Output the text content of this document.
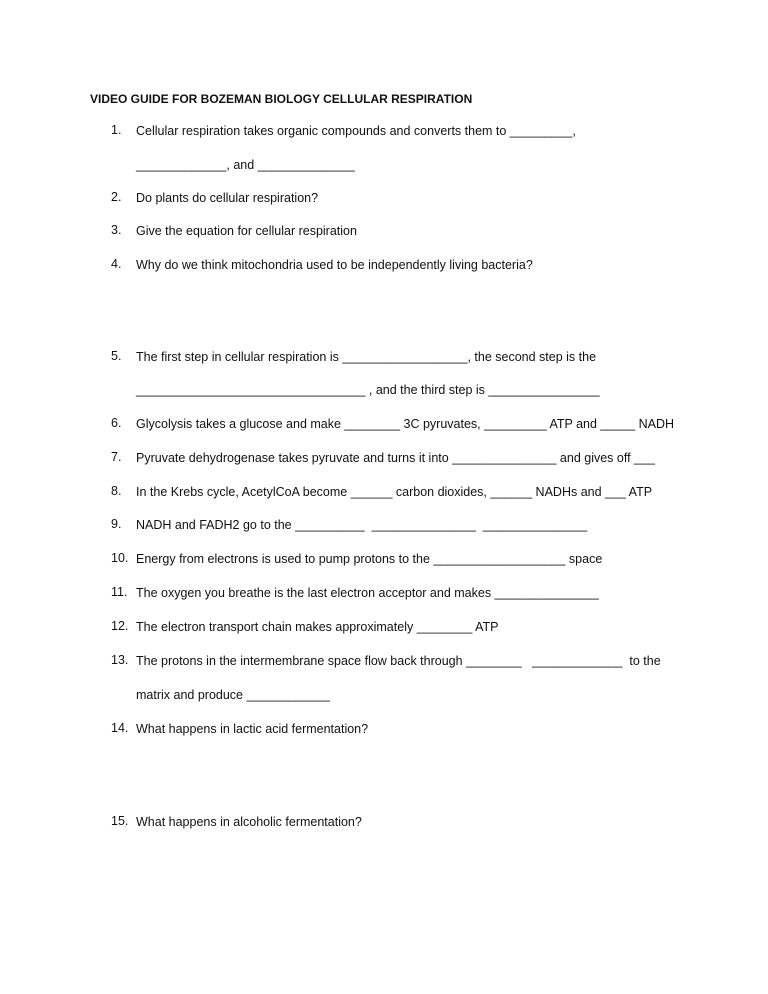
VIDEO GUIDE FOR BOZEMAN BIOLOGY CELLULAR RESPIRATION
1.	Cellular respiration takes organic compounds and converts them to _________,
_____________, and ______________
2.	Do plants do cellular respiration?
3.	Give the equation for cellular respiration
4.	Why do we think mitochondria used to be independently living bacteria?
5.	The first step in cellular respiration is __________________, the second step is the
_________________________________ , and the third step is ________________
6.	Glycolysis takes a glucose and make ________ 3C pyruvates, _________ ATP and _____ NADH
7.	Pyruvate dehydrogenase takes pyruvate and turns it into _______________ and gives off ___
8.	In the Krebs cycle, AcetylCoA become ______ carbon dioxides, ______ NADHs and ___ ATP
9.	NADH and FADH2 go to the __________  _______________  _______________
10. Energy from electrons is used to pump protons to the ___________________ space
11. The oxygen you breathe is the last electron acceptor and makes _______________
12. The electron transport chain makes approximately ________ ATP
13. The protons in the intermembrane space flow back through ________   _____________  to the
matrix and produce ____________
14. What happens in lactic acid fermentation?
15. What happens in alcoholic fermentation?
